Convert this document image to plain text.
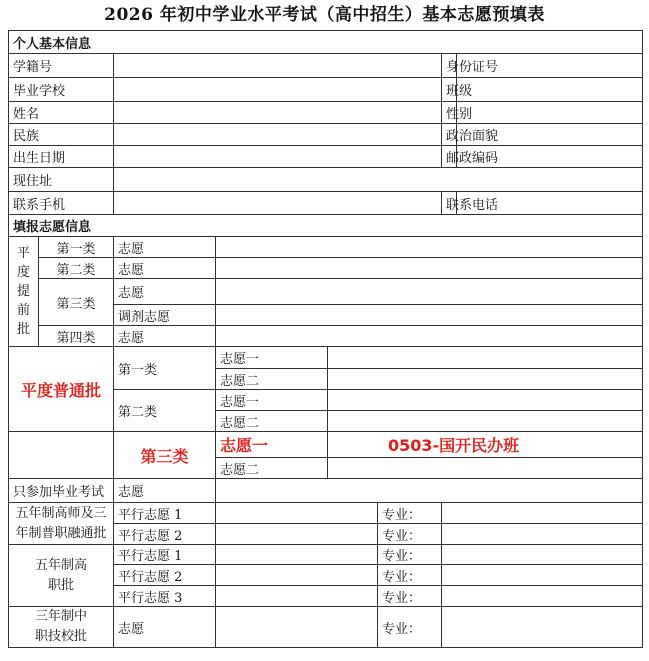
2026 年初中学业水平考试（高中招生）基本志愿预填表
个人基本信息							
学籍号						身份证号	
毕业学校						班级	
姓名						性别	
民族						政治面貌	
出生日期						邮政编码	
现住址							
联系手机						联系电话	
填报志愿信息							
平度提前批	第一类	志愿					
	第二类	志愿					
	第三类	志愿					
		调剂志愿					
	第四类	志愿					
平度普通批		第一类	志愿一				
			志愿二				
		第二类	志愿一				
			志愿二				
		第三类	志愿一	0503-国开民办班			
			志愿二				
只参加毕业考试		志愿					
五年制高师及三年制普职融通批		平行志愿 1			专业：		
		平行志愿 2			专业：		
五年制高职批		平行志愿 1			专业：		
		平行志愿 2			专业：		
		平行志愿 3			专业：		
三年制中职技校批		志愿			专业：		
